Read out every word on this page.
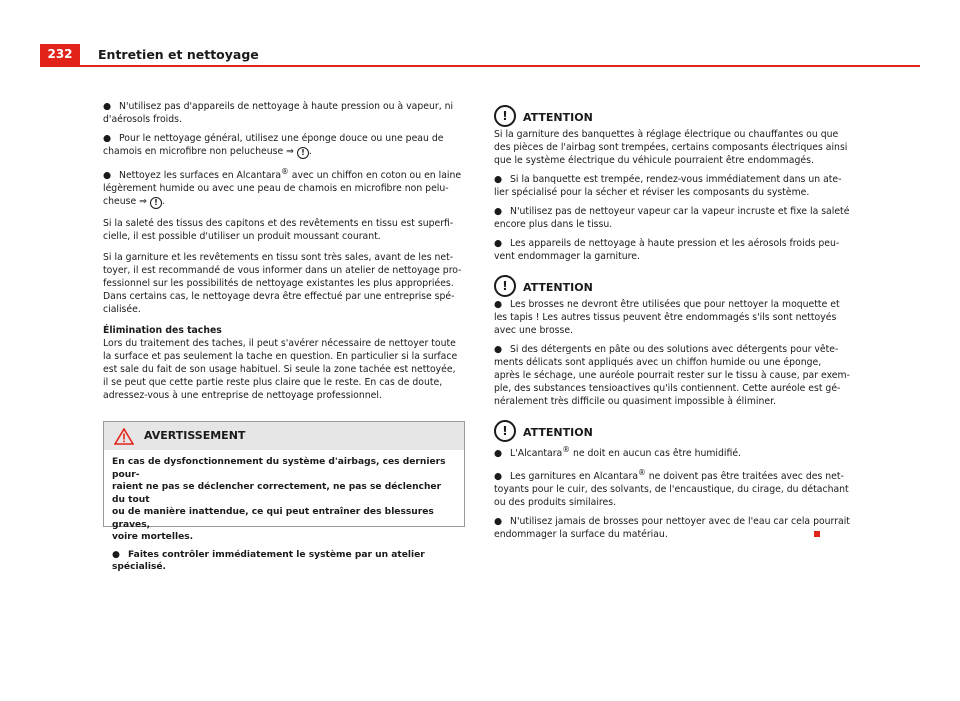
232	Entretien et nettoyage

● N'utilisez pas d'appareils de nettoyage à haute pression ou à vapeur, ni
d'aérosols froids.

● Pour le nettoyage général, utilisez une éponge douce ou une peau de
chamois en microfibre non pelucheuse ⇒ ! .

● Nettoyez les surfaces en Alcantara® avec un chiffon en coton ou en laine
légèrement humide ou avec une peau de chamois en microfibre non pelu-
cheuse ⇒ ! .

Si la saleté des tissus des capitons et des revêtements en tissu est superfi-
cielle, il est possible d'utiliser un produit moussant courant.

Si la garniture et les revêtements en tissu sont très sales, avant de les net-
toyer, il est recommandé de vous informer dans un atelier de nettoyage pro-
fessionnel sur les possibilités de nettoyage existantes les plus appropriées.
Dans certains cas, le nettoyage devra être effectué par une entreprise spé-
cialisée.

Élimination des taches

Lors du traitement des taches, il peut s'avérer nécessaire de nettoyer toute
la surface et pas seulement la tache en question. En particulier si la surface
est sale du fait de son usage habituel. Si seule la zone tachée est nettoyée,
il se peut que cette partie reste plus claire que le reste. En cas de doute,
adressez-vous à une entreprise de nettoyage professionnel.

AVERTISSEMENT

En cas de dysfonctionnement du système d'airbags, ces derniers pour-
raient ne pas se déclencher correctement, ne pas se déclencher du tout
ou de manière inattendue, ce qui peut entraîner des blessures graves,
voire mortelles.

● Faites contrôler immédiatement le système par un atelier spécialisé.

!	ATTENTION

Si la garniture des banquettes à réglage électrique ou chauffantes ou que
des pièces de l'airbag sont trempées, certains composants électriques ainsi
que le système électrique du véhicule pourraient être endommagés.

● Si la banquette est trempée, rendez-vous immédiatement dans un ate-
lier spécialisé pour la sécher et réviser les composants du système.

● N'utilisez pas de nettoyeur vapeur car la vapeur incruste et fixe la saleté
encore plus dans le tissu.

● Les appareils de nettoyage à haute pression et les aérosols froids peu-
vent endommager la garniture.

!	ATTENTION

● Les brosses ne devront être utilisées que pour nettoyer la moquette et
les tapis ! Les autres tissus peuvent être endommagés s'ils sont nettoyés
avec une brosse.

● Si des détergents en pâte ou des solutions avec détergents pour vête-
ments délicats sont appliqués avec un chiffon humide ou une éponge,
après le séchage, une auréole pourrait rester sur le tissu à cause, par exem-
ple, des substances tensioactives qu'ils contiennent. Cette auréole est gé-
néralement très difficile ou quasiment impossible à éliminer.

!	ATTENTION

● L'Alcantara® ne doit en aucun cas être humidifié.

● Les garnitures en Alcantara® ne doivent pas être traitées avec des net-
toyants pour le cuir, des solvants, de l'encaustique, du cirage, du détachant
ou des produits similaires.

● N'utilisez jamais de brosses pour nettoyer avec de l'eau car cela pourrait
endommager la surface du matériau.
